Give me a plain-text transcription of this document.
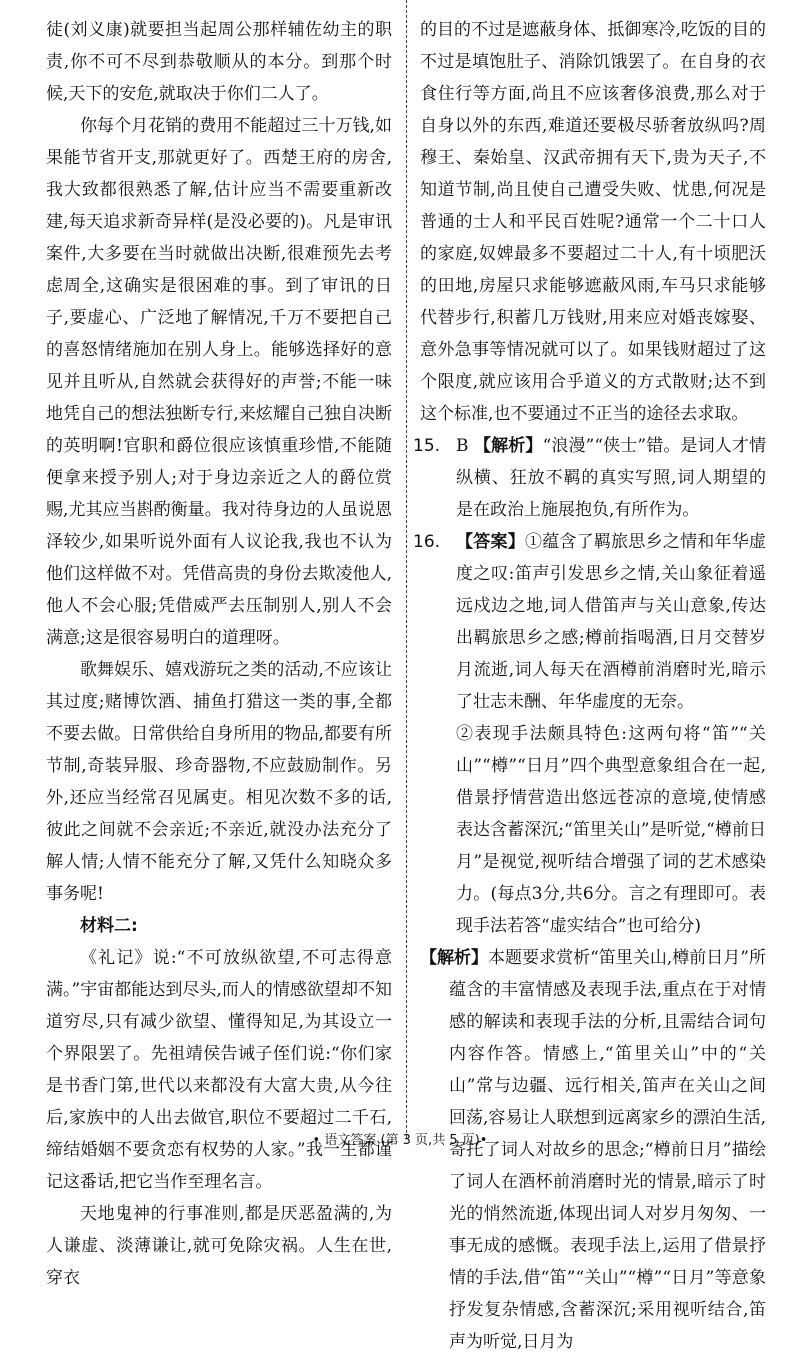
徒(刘义康)就要担当起周公那样辅佐幼主的职责,你不可不尽到恭敬顺从的本分。到那个时候,天下的安危,就取决于你们二人了。

你每个月花销的费用不能超过三十万钱,如果能节省开支,那就更好了。西楚王府的房舍,我大致都很熟悉了解,估计应当不需要重新改建,每天追求新奇异样(是没必要的)。凡是审讯案件,大多要在当时就做出决断,很难预先去考虑周全,这确实是很困难的事。到了审讯的日子,要虚心、广泛地了解情况,千万不要把自己的喜怒情绪施加在别人身上。能够选择好的意见并且听从,自然就会获得好的声誉;不能一味地凭自己的想法独断专行,来炫耀自己独自决断的英明啊!官职和爵位很应该慎重珍惜,不能随便拿来授予别人;对于身边亲近之人的爵位赏赐,尤其应当斟酌衡量。我对待身边的人虽说恩泽较少,如果听说外面有人议论我,我也不认为他们这样做不对。凭借高贵的身份去欺凌他人,他人不会心服;凭借威严去压制别人,别人不会满意;这是很容易明白的道理呀。

歌舞娱乐、嬉戏游玩之类的活动,不应该让其过度;赌博饮酒、捕鱼打猎这一类的事,全都不要去做。日常供给自身所用的物品,都要有所节制,奇装异服、珍奇器物,不应鼓励制作。另外,还应当经常召见属吏。相见次数不多的话,彼此之间就不会亲近;不亲近,就没办法充分了解人情;人情不能充分了解,又凭什么知晓众多事务呢!

材料二:

《礼记》说:“不可放纵欲望,不可志得意满。”宇宙都能达到尽头,而人的情感欲望却不知道穷尽,只有减少欲望、懂得知足,为其设立一个界限罢了。先祖靖侯告诫子侄们说:“你们家是书香门第,世代以来都没有大富大贵,从今往后,家族中的人出去做官,职位不要超过二千石,缔结婚姻不要贪恋有权势的人家。”我一生都谨记这番话,把它当作至理名言。

天地鬼神的行事准则,都是厌恶盈满的,为人谦虚、淡薄谦让,就可免除灾祸。人生在世,穿衣

的目的不过是遮蔽身体、抵御寒冷,吃饭的目的不过是填饱肚子、消除饥饿罢了。在自身的衣食住行等方面,尚且不应该奢侈浪费,那么对于自身以外的东西,难道还要极尽骄奢放纵吗?周穆王、秦始皇、汉武帝拥有天下,贵为天子,不知道节制,尚且使自己遭受失败、忧患,何况是普通的士人和平民百姓呢?通常一个二十口人的家庭,奴婢最多不要超过二十人,有十顷肥沃的田地,房屋只求能够遮蔽风雨,车马只求能够代替步行,积蓄几万钱财,用来应对婚丧嫁娶、意外急事等情况就可以了。如果钱财超过了这个限度,就应该用合乎道义的方式散财;达不到这个标准,也不要通过不正当的途径去求取。

15. B 【解析】“浪漫”“侠士”错。是词人才情纵横、狂放不羁的真实写照,词人期望的是在政治上施展抱负,有所作为。

16. 【答案】①蕴含了羁旅思乡之情和年华虚度之叹:笛声引发思乡之情,关山象征着遥远戍边之地,词人借笛声与关山意象,传达出羁旅思乡之感;樽前指喝酒,日月交替岁月流逝,词人每天在酒樽前消磨时光,暗示了壮志未酬、年华虚度的无奈。

②表现手法颇具特色:这两句将“笛”“关山”“樽”“日月”四个典型意象组合在一起,借景抒情营造出悠远苍凉的意境,使情感表达含蓄深沉;“笛里关山”是听觉,“樽前日月”是视觉,视听结合增强了词的艺术感染力。(每点3分,共6分。言之有理即可。表现手法若答“虚实结合”也可给分)

【解析】本题要求赏析“笛里关山,樽前日月”所蕴含的丰富情感及表现手法,重点在于对情感的解读和表现手法的分析,且需结合词句内容作答。情感上,“笛里关山”中的“关山”常与边疆、远行相关,笛声在关山之间回荡,容易让人联想到远离家乡的漂泊生活,寄托了词人对故乡的思念;“樽前日月”描绘了词人在酒杯前消磨时光的情景,暗示了时光的悄然流逝,体现出词人对岁月匆匆、一事无成的感慨。表现手法上,运用了借景抒情的手法,借“笛”“关山”“樽”“日月”等意象抒发复杂情感,含蓄深沉;采用视听结合,笛声为听觉,日月为

• 语文答案 (第 3 页,共 5 页)•
